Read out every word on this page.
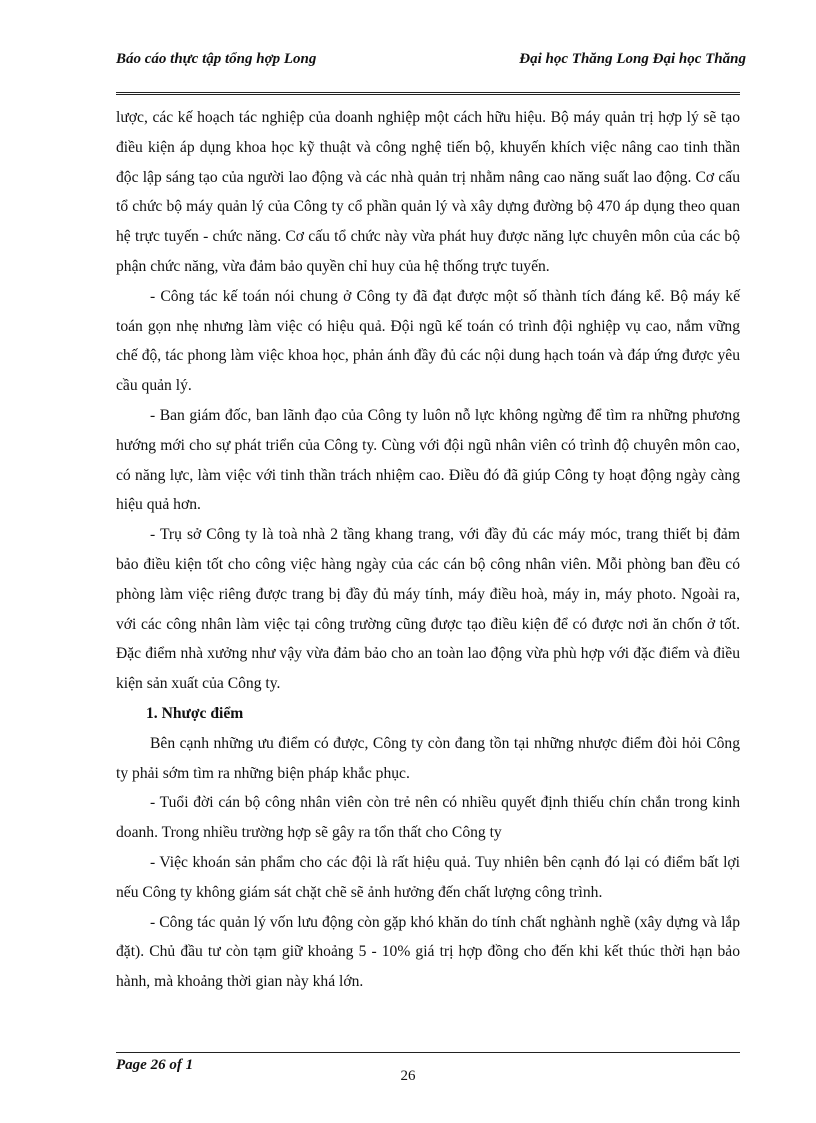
Báo cáo thực tập tổng hợp Long	Đại học Thăng Long Đại học Thăng

lược, các kế hoạch tác nghiệp của doanh nghiệp một cách hữu hiệu. Bộ máy quản trị hợp lý sẽ tạo điều kiện áp dụng khoa học kỹ thuật và công nghệ tiến bộ, khuyến khích việc nâng cao tinh thần độc lập sáng tạo của người lao động và các nhà quản trị nhằm nâng cao năng suất lao động. Cơ cấu tổ chức bộ máy quản lý của Công ty cổ phần quản lý và xây dựng đường bộ 470 áp dụng theo quan hệ trực tuyến - chức năng. Cơ cấu tổ chức này vừa phát huy được năng lực chuyên môn của các bộ phận chức năng, vừa đảm bảo quyền chỉ huy của hệ thống trực tuyến.

- Công tác kế toán nói chung ở Công ty đã đạt được một số thành tích đáng kể. Bộ máy kế toán gọn nhẹ nhưng làm việc có hiệu quả. Đội ngũ kế toán có trình đội nghiệp vụ cao, nắm vững chế độ, tác phong làm việc khoa học, phản ánh đầy đủ các nội dung hạch toán và đáp ứng được yêu cầu quản lý.

- Ban giám đốc, ban lãnh đạo của Công ty luôn nỗ lực không ngừng để tìm ra những phương hướng mới cho sự phát triển của Công ty. Cùng với đội ngũ nhân viên có trình độ chuyên môn cao, có năng lực, làm việc với tinh thần trách nhiệm cao. Điều đó đã giúp Công ty hoạt động ngày càng hiệu quả hơn.

- Trụ sở Công ty là toà nhà 2 tầng khang trang, với đầy đủ các máy móc, trang thiết bị đảm bảo điều kiện tốt cho công việc hàng ngày của các cán bộ công nhân viên. Mỗi phòng ban đều có phòng làm việc riêng được trang bị đầy đủ máy tính, máy điều hoà, máy in, máy photo. Ngoài ra, với các công nhân làm việc tại công trường cũng được tạo điều kiện để có được nơi ăn chốn ở tốt. Đặc điểm nhà xưởng như vậy vừa đảm bảo cho an toàn lao động vừa phù hợp với đặc điểm và điều kiện sản xuất của Công ty.

1. Nhược điểm

Bên cạnh những ưu điểm có được, Công ty còn đang tồn tại những nhược điểm đòi hỏi Công ty phải sớm tìm ra những biện pháp khắc phục.

- Tuổi đời cán bộ công nhân viên còn trẻ nên có nhiều quyết định thiếu chín chắn trong kinh doanh. Trong nhiều trường hợp sẽ gây ra tổn thất cho Công ty

- Việc khoán sản phẩm cho các đội là rất hiệu quả. Tuy nhiên bên cạnh đó lại có điểm bất lợi nếu Công ty không giám sát chặt chẽ sẽ ảnh hưởng đến chất lượng công trình.

- Công tác quản lý vốn lưu động còn gặp khó khăn do tính chất nghành nghề (xây dựng và lắp đặt). Chủ đầu tư còn tạm giữ khoảng 5 - 10% giá trị hợp đồng cho đến khi kết thúc thời hạn bảo hành, mà khoảng thời gian này khá lớn.

Page 26 of 1
26
